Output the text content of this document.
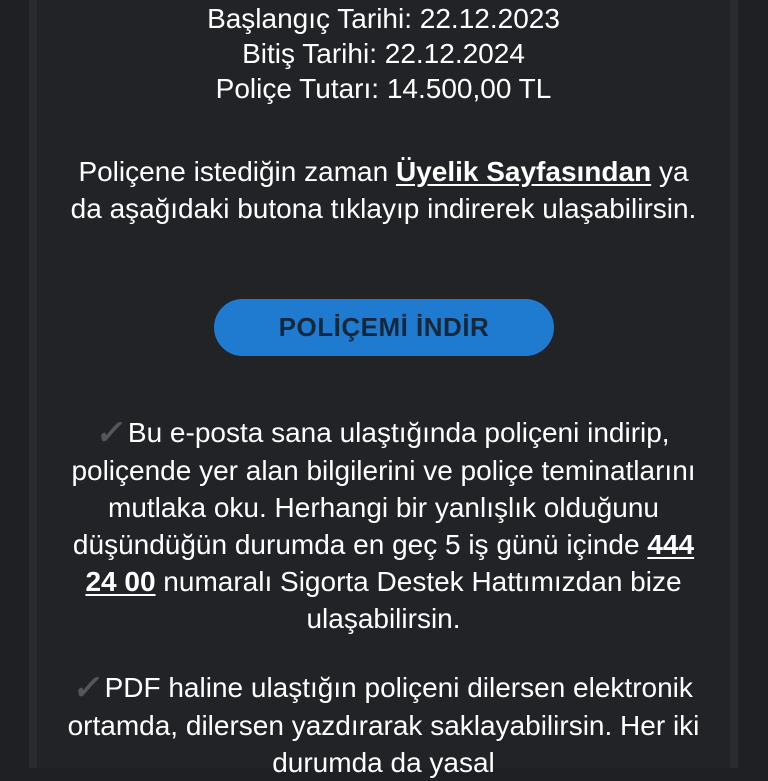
Başlangıç Tarihi: 22.12.2023
Bitiş Tarihi: 22.12.2024
Poliçe Tutarı: 14.500,00 TL
Poliçene istediğin zaman Üyelik Sayfasından ya da aşağıdaki butona tıklayıp indirerek ulaşabilirsin.
POLİÇEMİ İNDİR
✓Bu e-posta sana ulaştığında poliçeni indirip, poliçende yer alan bilgilerini ve poliçe teminatlarını mutlaka oku. Herhangi bir yanlışlık olduğunu düşündüğün durumda en geç 5 iş günü içinde 444 24 00 numaralı Sigorta Destek Hattımızdan bize ulaşabilirsin.
✓PDF haline ulaştığın poliçeni dilersen elektronik ortamda, dilersen yazdırarak saklayabilirsin. Her iki durumda da yasal
